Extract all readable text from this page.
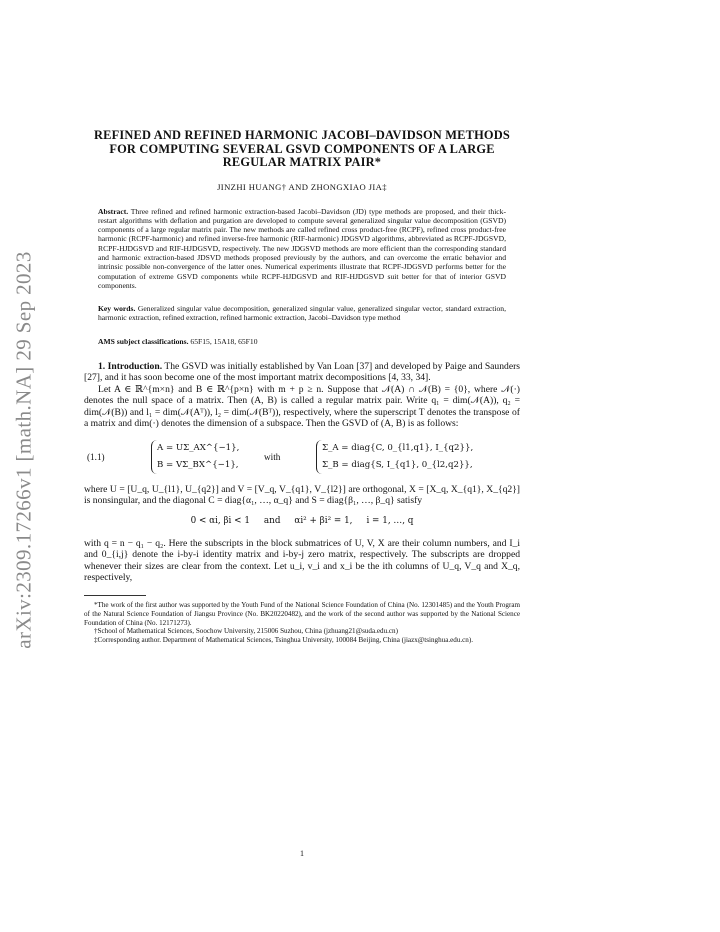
arXiv:2309.17266v1 [math.NA] 29 Sep 2023
REFINED AND REFINED HARMONIC JACOBI–DAVIDSON METHODS FOR COMPUTING SEVERAL GSVD COMPONENTS OF A LARGE REGULAR MATRIX PAIR*
JINZHI HUANG† AND ZHONGXIAO JIA‡
Abstract. Three refined and refined harmonic extraction-based Jacobi–Davidson (JD) type methods are proposed, and their thick-restart algorithms with deflation and purgation are developed to compute several generalized singular value decomposition (GSVD) components of a large regular matrix pair. The new methods are called refined cross product-free (RCPF), refined cross product-free harmonic (RCPF-harmonic) and refined inverse-free harmonic (RIF-harmonic) JDGSVD algorithms, abbreviated as RCPF-JDGSVD, RCPF-HJDGSVD and RIF-HJDGSVD, respectively. The new JDGSVD methods are more efficient than the corresponding standard and harmonic extraction-based JDSVD methods proposed previously by the authors, and can overcome the erratic behavior and intrinsic possible non-convergence of the latter ones. Numerical experiments illustrate that RCPF-JDGSVD performs better for the computation of extreme GSVD components while RCPF-HJDGSVD and RIF-HJDGSVD suit better for that of interior GSVD components.
Key words. Generalized singular value decomposition, generalized singular value, generalized singular vector, standard extraction, harmonic extraction, refined extraction, refined harmonic extraction, Jacobi–Davidson type method
AMS subject classifications. 65F15, 15A18, 65F10

1. Introduction. The GSVD was initially established by Van Loan [37] and developed by Paige and Saunders [27], and it has soon become one of the most important matrix decompositions [4, 33, 34].

Let A ∈ ℝ^{m×n} and B ∈ ℝ^{p×n} with m + p ≥ n. Suppose that 𝒩(A) ∩ 𝒩(B) = {0}, where 𝒩(·) denotes the null space of a matrix. Then (A, B) is called a regular matrix pair. Write q₁ = dim(𝒩(A)), q₂ = dim(𝒩(B)) and l₁ = dim(𝒩(Aᵀ)), l₂ = dim(𝒩(Bᵀ)), respectively, where the superscript T denotes the transpose of a matrix and dim(·) denotes the dimension of a subspace. Then the GSVD of (A, B) is as follows:

(1.1)
A = UΣ_AX^{−1},
B = VΣ_BX^{−1},
with
Σ_A = diag{C, 0_{l1,q1}, I_{q2}},
Σ_B = diag{S, I_{q1}, 0_{l2,q2}},

where U = [U_q, U_{l1}, U_{q2}] and V = [V_q, V_{q1}, V_{l2}] are orthogonal, X = [X_q, X_{q1}, X_{q2}] is nonsingular, and the diagonal C = diag{α₁, …, α_q} and S = diag{β₁, …, β_q} satisfy

0 < αi, βi < 1     and     αi² + βi² = 1,     i = 1, …, q

with q = n − q₁ − q₂. Here the subscripts in the block submatrices of U, V, X are their column numbers, and I_i and 0_{i,j} denote the i-by-i identity matrix and i-by-j zero matrix, respectively. The subscripts are dropped whenever their sizes are clear from the context. Let u_i, v_i and x_i be the ith columns of U_q, V_q and X_q, respectively,

*The work of the first author was supported by the Youth Fund of the National Science Foundation of China (No. 12301485) and the Youth Program of the Natural Science Foundation of Jiangsu Province (No. BK20220482), and the work of the second author was supported by the National Science Foundation of China (No. 12171273).

†School of Mathematical Sciences, Soochow University, 215006 Suzhou, China (jzhuang21@suda.edu.cn)

‡Corresponding author. Department of Mathematical Sciences, Tsinghua University, 100084 Beijing, China (jiazx@tsinghua.edu.cn).

1
